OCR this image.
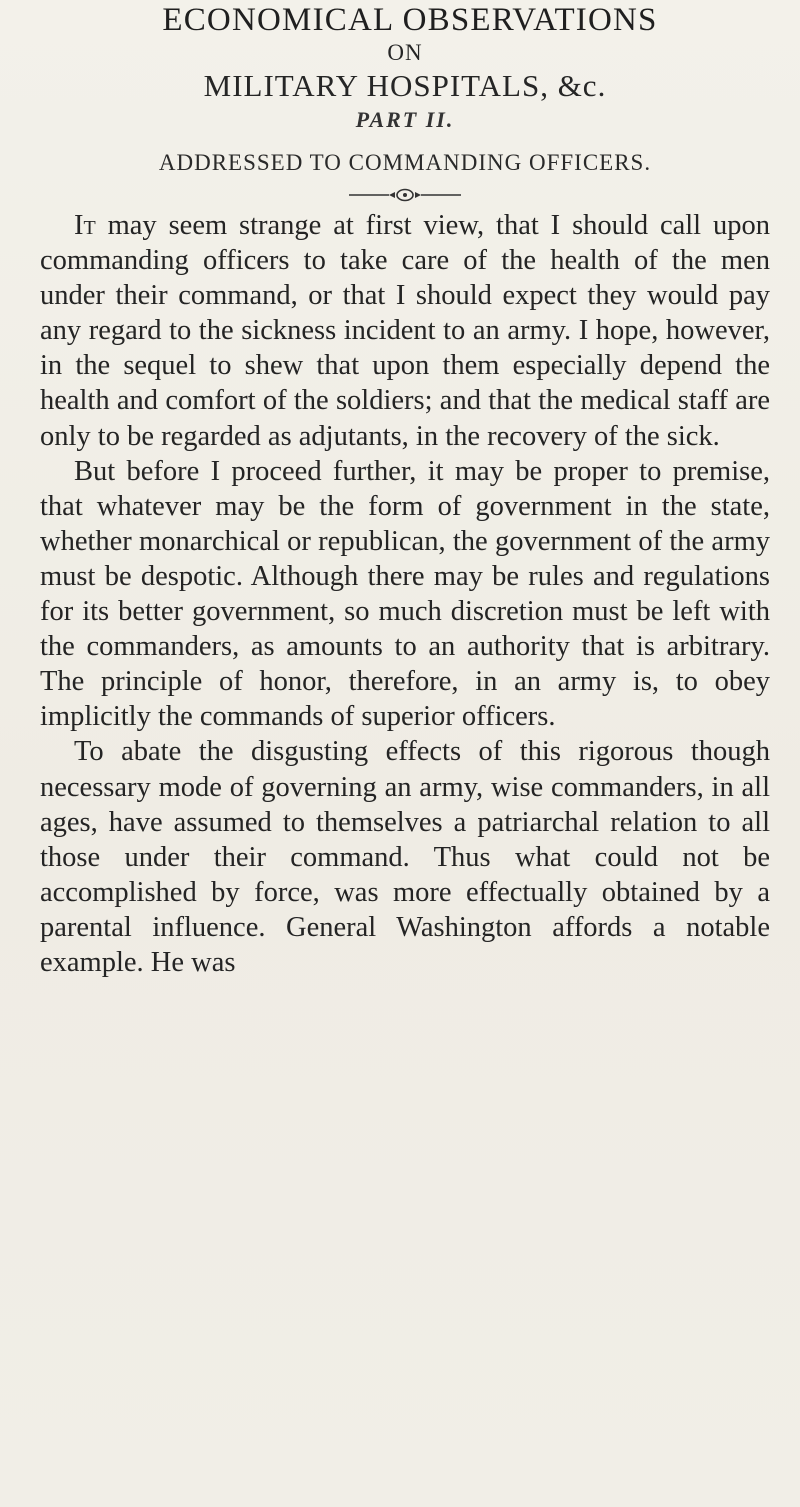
ECONOMICAL OBSERVATIONS
ON
MILITARY HOSPITALS, &c.
PART II.
ADDRESSED TO COMMANDING OFFICERS.

It may seem strange at first view, that I should call upon commanding officers to take care of the health of the men under their command, or that I should expect they would pay any regard to the sickness incident to an army. I hope, however, in the sequel to shew that upon them especially depend the health and comfort of the soldiers; and that the medical staff are only to be regarded as adjutants, in the recovery of the sick.

But before I proceed further, it may be proper to premise, that whatever may be the form of government in the state, whether monarchical or republican, the government of the army must be despotic. Although there may be rules and regulations for its better government, so much discretion must be left with the commanders, as amounts to an authority that is arbitrary. The principle of honor, therefore, in an army is, to obey implicitly the commands of superior officers.

To abate the disgusting effects of this rigorous though necessary mode of governing an army, wise commanders, in all ages, have assumed to themselves a patriarchal relation to all those under their command. Thus what could not be accomplished by force, was more effectually obtained by a parental influence. General Washington affords a notable example. He was
